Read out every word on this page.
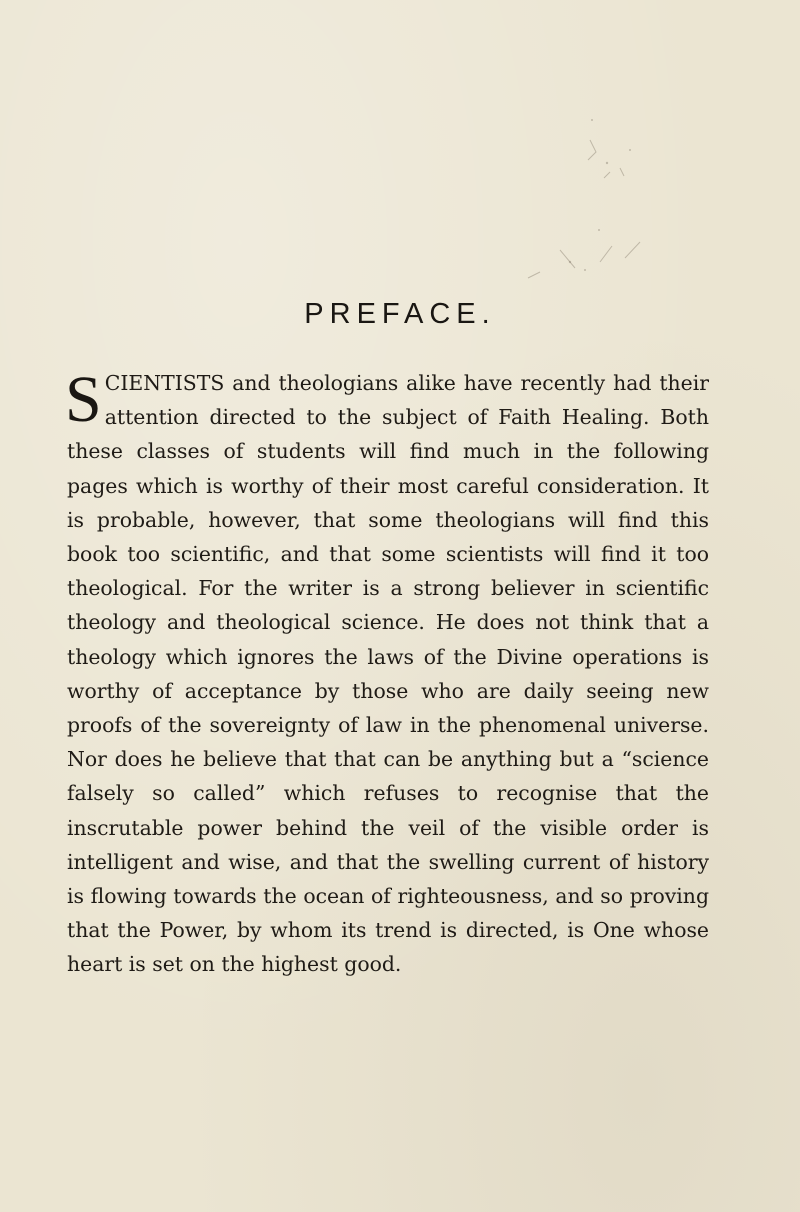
PREFACE.

SCIENTISTS and theologians alike have recently had their attention directed to the subject of Faith Healing. Both these classes of students will find much in the following pages which is worthy of their most careful consideration. It is probable, however, that some theologians will find this book too scientific, and that some scientists will find it too theological. For the writer is a strong believer in scientific theology and theological science. He does not think that a theology which ignores the laws of the Divine operations is worthy of acceptance by those who are daily seeing new proofs of the sovereignty of law in the phenomenal universe. Nor does he believe that that can be anything but a “science falsely so called” which refuses to recognise that the inscrutable power behind the veil of the visible order is intelligent and wise, and that the swelling current of history is flowing towards the ocean of righteousness, and so proving that the Power, by whom its trend is directed, is One whose heart is set on the highest good.
